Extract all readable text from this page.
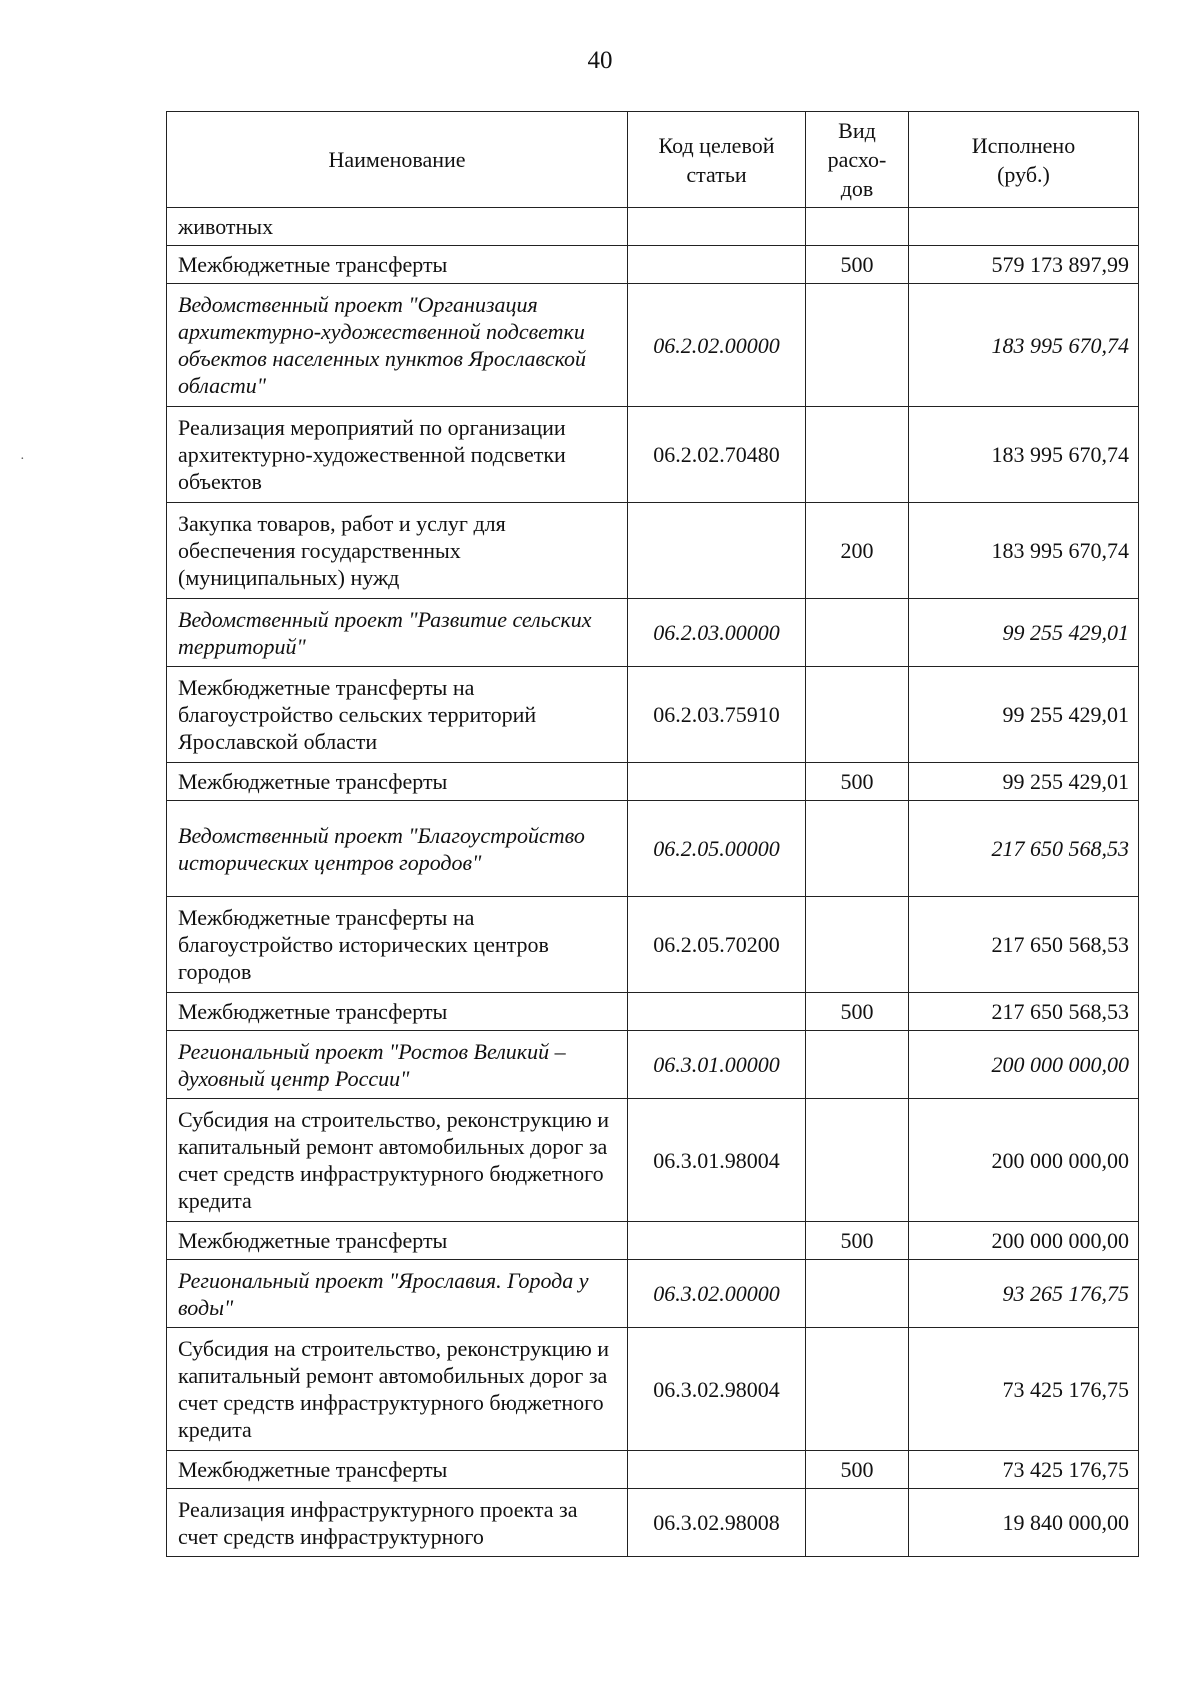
40
·
Наименование	Код целевой статьи	Вид расхо-дов	Исполнено (руб.)
животных			
Межбюджетные трансферты		500	579 173 897,99
Ведомственный проект "Организация архитектурно-художественной подсветки объектов населенных пунктов Ярославской области"	06.2.02.00000		183 995 670,74
Реализация мероприятий по организации архитектурно-художественной подсветки объектов	06.2.02.70480		183 995 670,74
Закупка товаров, работ и услуг для обеспечения государственных (муниципальных) нужд		200	183 995 670,74
Ведомственный проект "Развитие сельских территорий"	06.2.03.00000		99 255 429,01
Межбюджетные трансферты на благоустройство сельских территорий Ярославской области	06.2.03.75910		99 255 429,01
Межбюджетные трансферты		500	99 255 429,01
Ведомственный проект "Благоустройство исторических центров городов"	06.2.05.00000		217 650 568,53
Межбюджетные трансферты на благоустройство исторических центров городов	06.2.05.70200		217 650 568,53
Межбюджетные трансферты		500	217 650 568,53
Региональный проект "Ростов Великий – духовный центр России"	06.3.01.00000		200 000 000,00
Субсидия на строительство, реконструкцию и капитальный ремонт автомобильных дорог за счет средств инфраструктурного бюджетного кредита	06.3.01.98004		200 000 000,00
Межбюджетные трансферты		500	200 000 000,00
Региональный проект "Ярославия. Города у воды"	06.3.02.00000		93 265 176,75
Субсидия на строительство, реконструкцию и капитальный ремонт автомобильных дорог за счет средств инфраструктурного бюджетного кредита	06.3.02.98004		73 425 176,75
Межбюджетные трансферты		500	73 425 176,75
Реализация инфраструктурного проекта за счет средств инфраструктурного	06.3.02.98008		19 840 000,00
